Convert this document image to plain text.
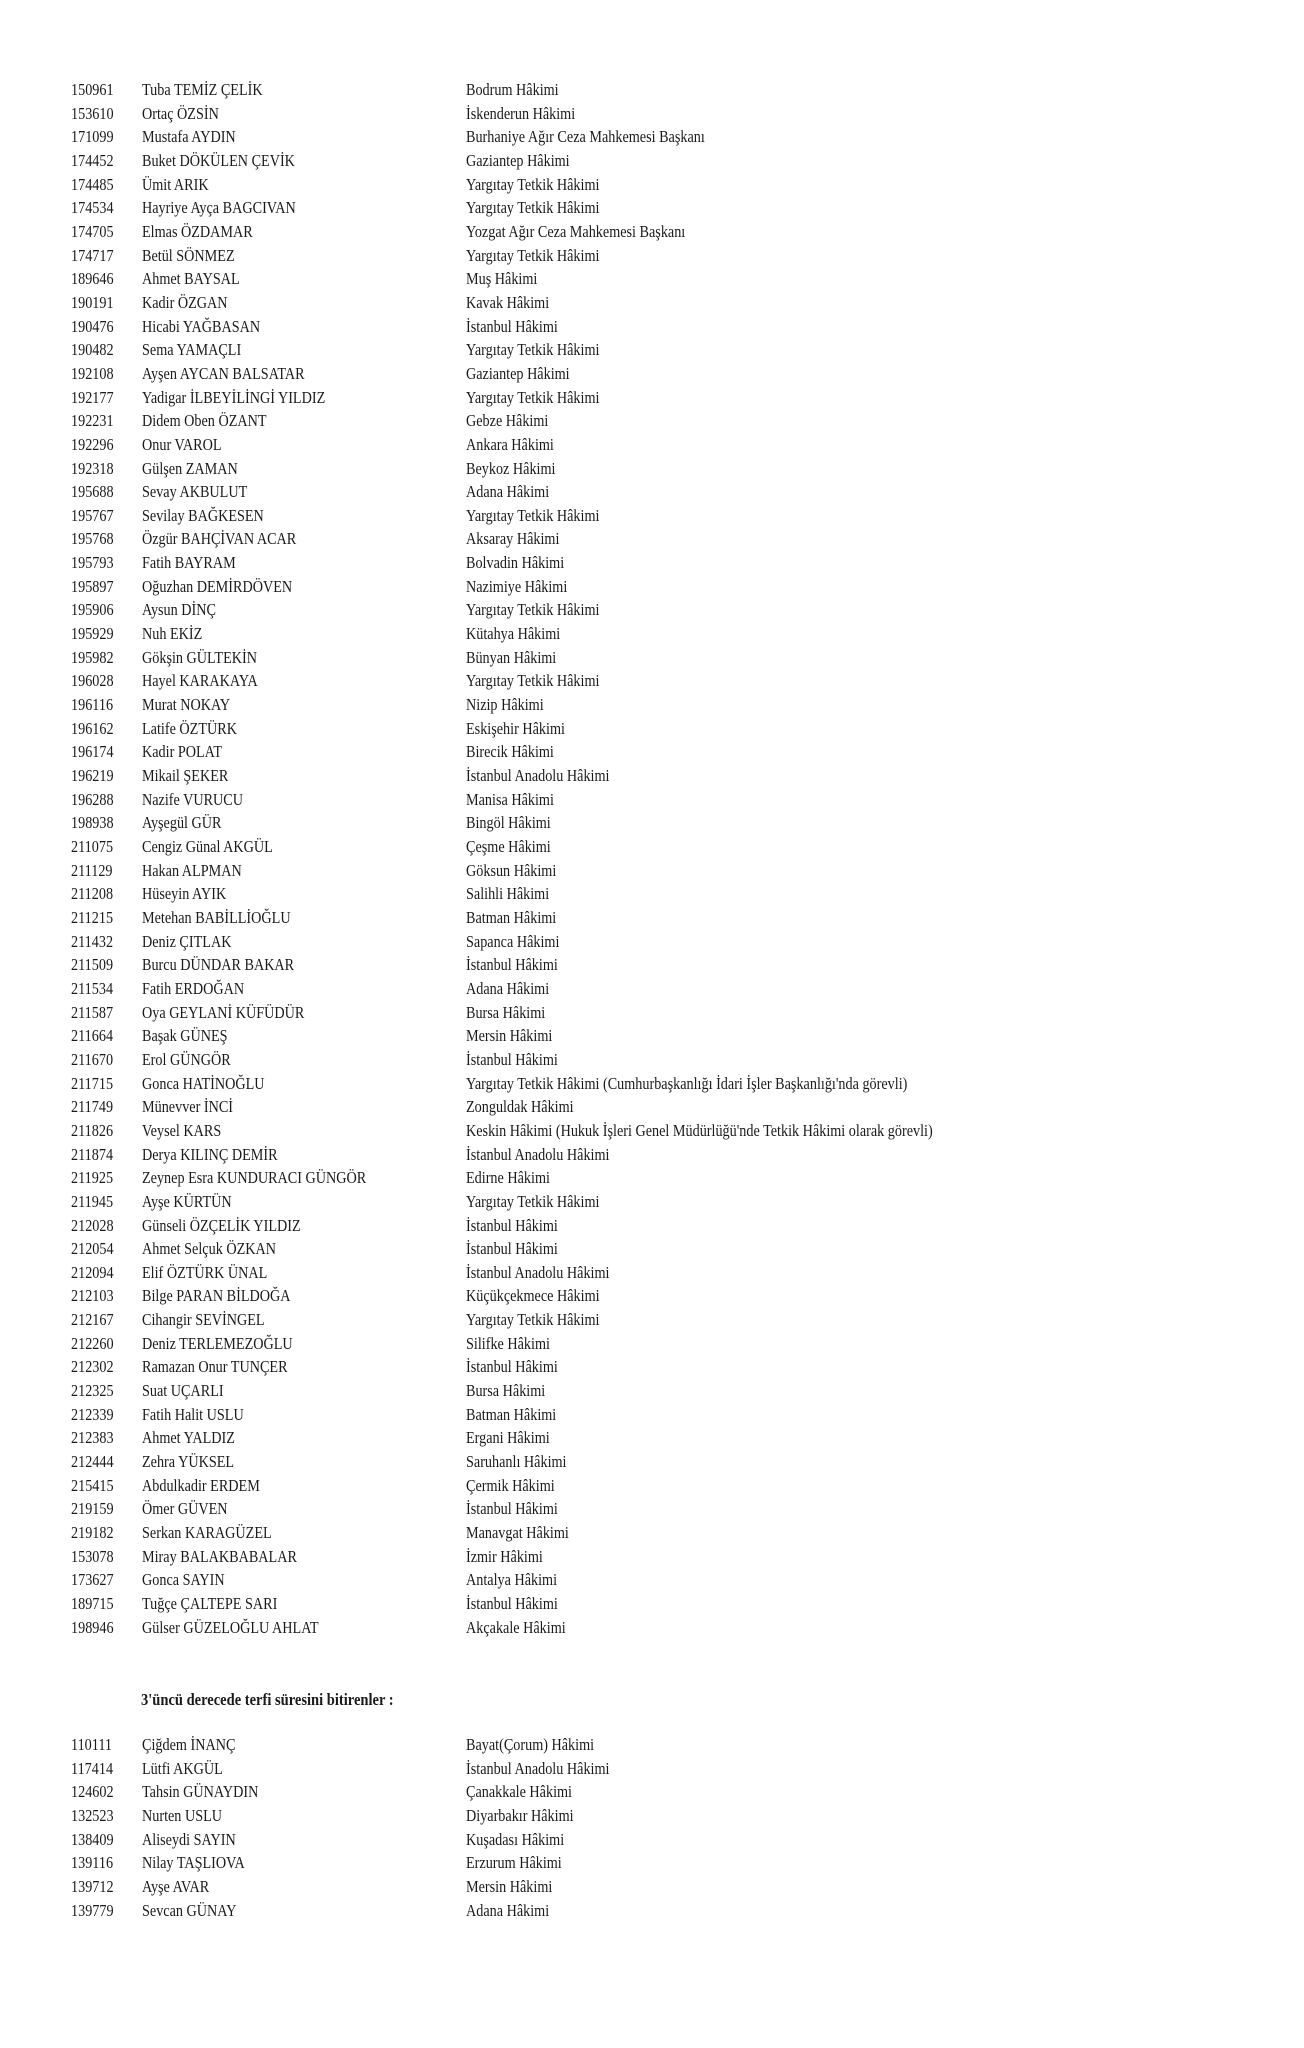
150961 Tuba TEMİZ ÇELİK	Bodrum Hâkimi
153610 Ortaç ÖZSİN	İskenderun Hâkimi
171099 Mustafa AYDIN	Burhaniye Ağır Ceza Mahkemesi Başkanı
174452 Buket DÖKÜLEN ÇEVİK	Gaziantep Hâkimi
174485 Ümit ARIK	Yargıtay Tetkik Hâkimi
174534 Hayriye Ayça BAGCIVAN	Yargıtay Tetkik Hâkimi
174705 Elmas ÖZDAMAR	Yozgat Ağır Ceza Mahkemesi Başkanı
174717 Betül SÖNMEZ	Yargıtay Tetkik Hâkimi
189646 Ahmet BAYSAL	Muş Hâkimi
190191 Kadir ÖZGAN	Kavak Hâkimi
190476 Hicabi YAĞBASAN	İstanbul Hâkimi
190482 Sema YAMAÇLI	Yargıtay Tetkik Hâkimi
192108 Ayşen AYCAN BALSATAR	Gaziantep Hâkimi
192177 Yadigar İLBEYİLİNGİ YILDIZ	Yargıtay Tetkik Hâkimi
192231 Didem Oben ÖZANT	Gebze Hâkimi
192296 Onur VAROL	Ankara Hâkimi
192318 Gülşen ZAMAN	Beykoz Hâkimi
195688 Sevay AKBULUT	Adana Hâkimi
195767 Sevilay BAĞKESEN	Yargıtay Tetkik Hâkimi
195768 Özgür BAHÇİVAN ACAR	Aksaray Hâkimi
195793 Fatih BAYRAM	Bolvadin Hâkimi
195897 Oğuzhan DEMİRDÖVEN	Nazimiye Hâkimi
195906 Aysun DİNÇ	Yargıtay Tetkik Hâkimi
195929 Nuh EKİZ	Kütahya Hâkimi
195982 Gökşin GÜLTEKİN	Bünyan Hâkimi
196028 Hayel KARAKAYA	Yargıtay Tetkik Hâkimi
196116 Murat NOKAY	Nizip Hâkimi
196162 Latife ÖZTÜRK	Eskişehir Hâkimi
196174 Kadir POLAT	Birecik Hâkimi
196219 Mikail ŞEKER	İstanbul Anadolu Hâkimi
196288 Nazife VURUCU	Manisa Hâkimi
198938 Ayşegül GÜR	Bingöl Hâkimi
211075 Cengiz Günal AKGÜL	Çeşme Hâkimi
211129 Hakan ALPMAN	Göksun Hâkimi
211208 Hüseyin AYIK	Salihli Hâkimi
211215 Metehan BABİLLİOĞLU	Batman Hâkimi
211432 Deniz ÇITLAK	Sapanca Hâkimi
211509 Burcu DÜNDAR BAKAR	İstanbul Hâkimi
211534 Fatih ERDOĞAN	Adana Hâkimi
211587 Oya GEYLANİ KÜFÜDÜR	Bursa Hâkimi
211664 Başak GÜNEŞ	Mersin Hâkimi
211670 Erol GÜNGÖR	İstanbul Hâkimi
211715 Gonca HATİNOĞLU	Yargıtay Tetkik Hâkimi (Cumhurbaşkanlığı İdari İşler Başkanlığı'nda görevli)
211749 Münevver İNCİ	Zonguldak Hâkimi
211826 Veysel KARS	Keskin Hâkimi (Hukuk İşleri Genel Müdürlüğü'nde Tetkik Hâkimi olarak görevli)
211874 Derya KILINÇ DEMİR	İstanbul Anadolu Hâkimi
211925 Zeynep Esra KUNDURACI GÜNGÖR	Edirne Hâkimi
211945 Ayşe KÜRTÜN	Yargıtay Tetkik Hâkimi
212028 Günseli ÖZÇELİK YILDIZ	İstanbul Hâkimi
212054 Ahmet Selçuk ÖZKAN	İstanbul Hâkimi
212094 Elif ÖZTÜRK ÜNAL	İstanbul Anadolu Hâkimi
212103 Bilge PARAN BİLDOĞA	Küçükçekmece Hâkimi
212167 Cihangir SEVİNGEL	Yargıtay Tetkik Hâkimi
212260 Deniz TERLEMEZOĞLU	Silifke Hâkimi
212302 Ramazan Onur TUNÇER	İstanbul Hâkimi
212325 Suat UÇARLI	Bursa Hâkimi
212339 Fatih Halit USLU	Batman Hâkimi
212383 Ahmet YALDIZ	Ergani Hâkimi
212444 Zehra YÜKSEL	Saruhanlı Hâkimi
215415 Abdulkadir ERDEM	Çermik Hâkimi
219159 Ömer GÜVEN	İstanbul Hâkimi
219182 Serkan KARAGÜZEL	Manavgat Hâkimi
153078 Miray BALAKBABALAR	İzmir Hâkimi
173627 Gonca SAYIN	Antalya Hâkimi
189715 Tuğçe ÇALTEPE SARI	İstanbul Hâkimi
198946 Gülser GÜZELOĞLU AHLAT	Akçakale Hâkimi
3'üncü derecede terfi süresini bitirenler :
110111 Çiğdem İNANÇ	Bayat(Çorum) Hâkimi
117414 Lütfi AKGÜL	İstanbul Anadolu Hâkimi
124602 Tahsin GÜNAYDIN	Çanakkale Hâkimi
132523 Nurten USLU	Diyarbakır Hâkimi
138409 Aliseydi SAYIN	Kuşadası Hâkimi
139116 Nilay TAŞLIOVA	Erzurum Hâkimi
139712 Ayşe AVAR	Mersin Hâkimi
139779 Sevcan GÜNAY	Adana Hâkimi
